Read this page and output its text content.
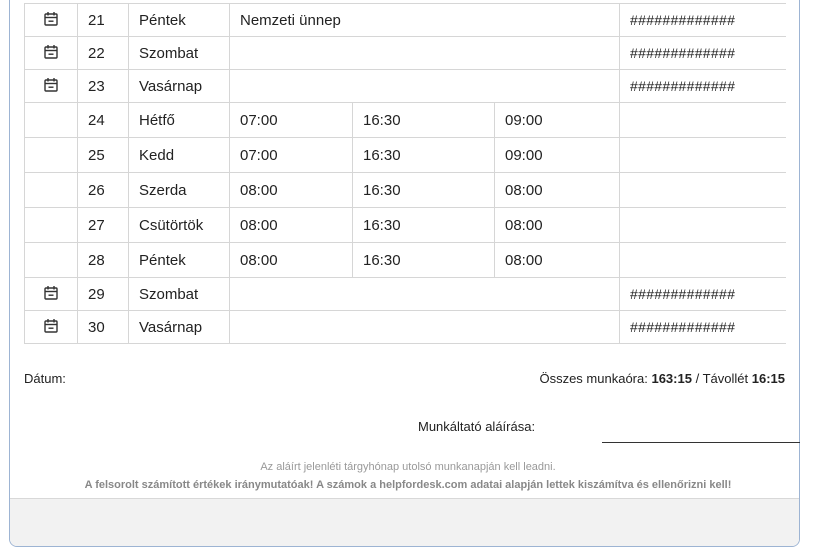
	21	Péntek	Nemzeti ünnep			#############
	22	Szombat				#############
	23	Vasárnap				#############
	24	Hétfő	07:00	16:30	09:00	
	25	Kedd	07:00	16:30	09:00	
	26	Szerda	08:00	16:30	08:00	
	27	Csütörtök	08:00	16:30	08:00	
	28	Péntek	08:00	16:30	08:00	
	29	Szombat				#############
	30	Vasárnap				#############
Dátum:	Összes munkaóra: 163:15 / Távollét 16:15
Munkáltató aláírása:
Az aláírt jelenléti tárgyhónap utolsó munkanapján kell leadni.
A felsorolt számított értékek iránymutatóak! A számok a helpfordesk.com adatai alapján lettek kiszámítva és ellenőrizni kell!
